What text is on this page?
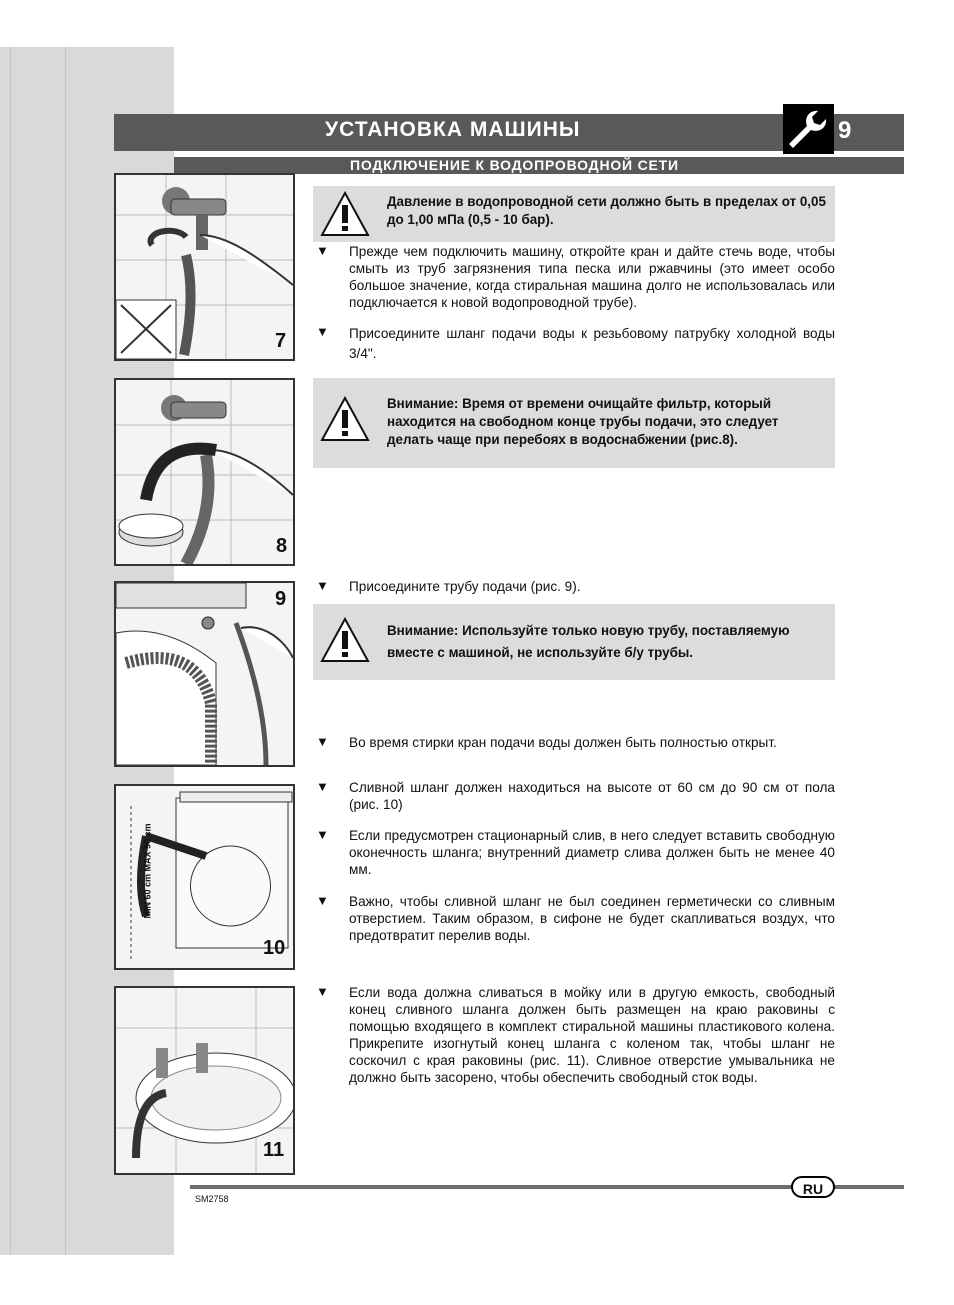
УСТАНОВКА МАШИНЫ	9
ПОДКЛЮЧЕНИЕ К ВОДОПРОВОДНОЙ СЕТИ
7
8
9
MIN 60 cm MAX 90 cm
10
11
Давление в водопроводной сети должно быть в пределах от 0,05 до 1,00 мПа (0,5 - 10 бар).
▼ Прежде чем подключить машину, откройте кран и дайте стечь воде, чтобы смыть из труб загрязнения типа песка или ржавчины (это имеет особо большое значение, когда стиральная машина долго не использовалась или подключается к новой водопроводной трубе).
▼ Присоедините шланг подачи воды к резьбовому патрубку холодной воды 3/4".
Внимание: Время от времени очищайте фильтр, который находится на свободном конце трубы подачи, это следует делать чаще при перебоях в водоснабжении (рис.8).
▼ Присоедините трубу подачи (рис. 9).
Внимание: Используйте только новую трубу, поставляемую вместе с машиной, не используйте б/у трубы.
▼ Во время стирки кран подачи воды должен быть полностью открыт.
▼ Сливной шланг должен находиться на высоте от 60 см до 90 см от пола (рис. 10)
▼ Если предусмотрен стационарный слив, в него следует вставить свободную оконечность шланга; внутренний диаметр слива должен быть не менее 40 мм.
▼ Важно, чтобы сливной шланг не был соединен герметически со сливным отверстием. Таким образом, в сифоне не будет скапливаться воздух, что предотвратит перелив воды.
▼ Если вода должна сливаться в мойку или в другую емкость, свободный конец сливного шланга должен быть размещен на краю раковины с помощью входящего в комплект стиральной машины пластикового колена. Прикрепите изогнутый конец шланга с коленом так, чтобы шланг не соскочил с края раковины (рис. 11). Сливное отверстие умывальника не должно быть засорено, чтобы обеспечить свободный сток воды.
RU
SM2758
